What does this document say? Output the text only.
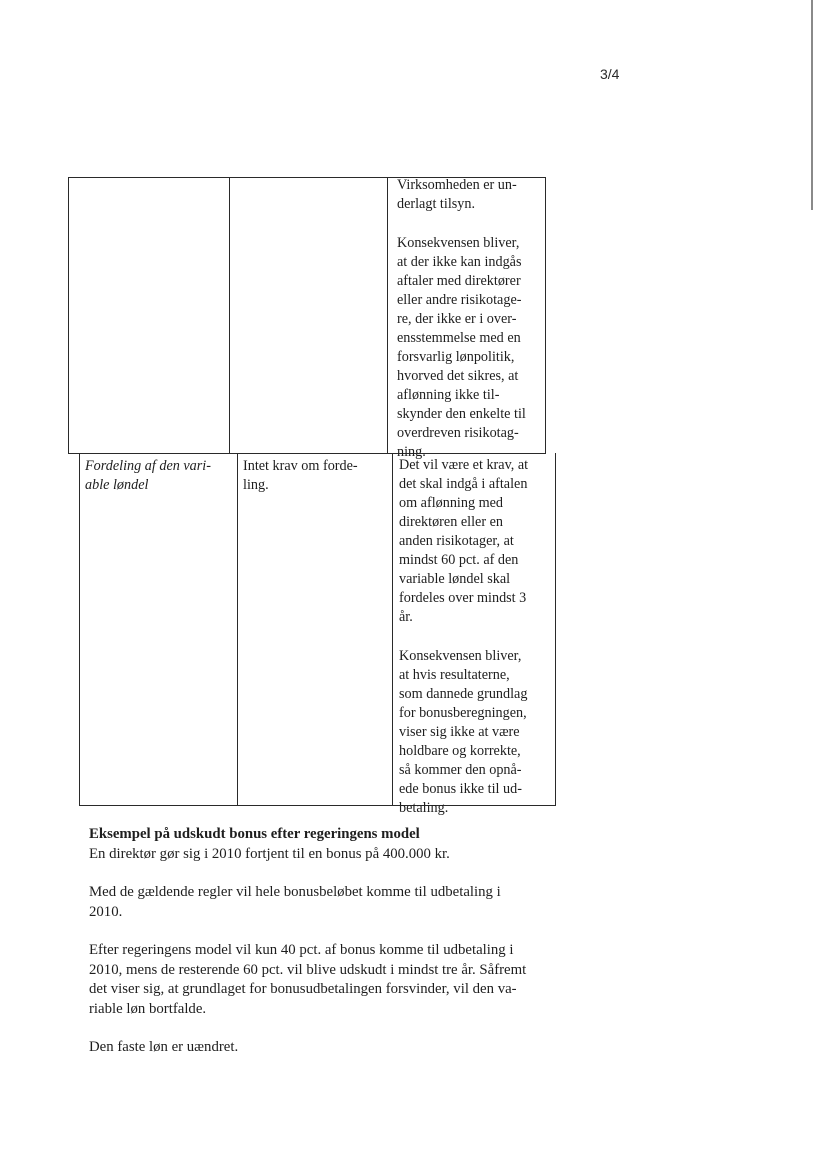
3/4
Virksomheden er un-
derlagt tilsyn.
Konsekvensen bliver,
at der ikke kan indgås
aftaler med direktører
eller andre risikotage-
re, der ikke er i over-
ensstemmelse med en
forsvarlig lønpolitik,
hvorved det sikres, at
aflønning ikke til-
skynder den enkelte til
overdreven risikotag-
ning.
Fordeling af den vari-
able løndel
Intet krav om forde-
ling.
Det vil være et krav, at
det skal indgå i aftalen
om aflønning med
direktøren eller en
anden risikotager, at
mindst 60 pct. af den
variable løndel skal
fordeles over mindst 3
år.
Konsekvensen bliver,
at hvis resultaterne,
som dannede grundlag
for bonusberegningen,
viser sig ikke at være
holdbare og korrekte,
så kommer den opnå-
ede bonus ikke til ud-
betaling.

Eksempel på udskudt bonus efter regeringens model

En direktør gør sig i 2010 fortjent til en bonus på 400.000 kr.

Med de gældende regler vil hele bonusbeløbet komme til udbetaling i
2010.

Efter regeringens model vil kun 40 pct. af bonus komme til udbetaling i
2010, mens de resterende 60 pct. vil blive udskudt i mindst tre år. Såfremt
det viser sig, at grundlaget for bonusudbetalingen forsvinder, vil den va-
riable løn bortfalde.

Den faste løn er uændret.
